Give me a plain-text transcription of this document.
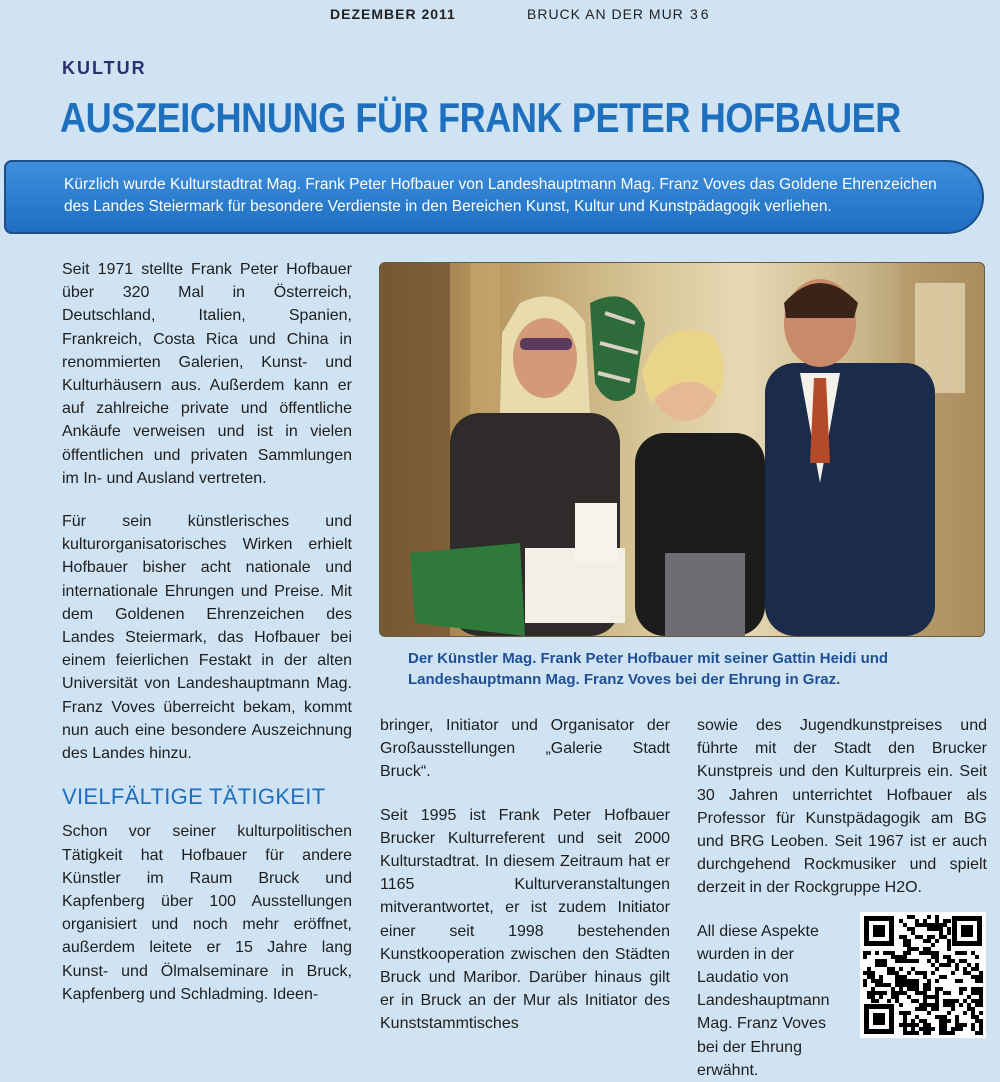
DEZEMBER 2011	BRUCK AN DER MUR 36
KULTUR
AUSZEICHNUNG FÜR FRANK PETER HOFBAUER
Kürzlich wurde Kulturstadtrat Mag. Frank Peter Hofbauer von Landeshauptmann Mag. Franz Voves das Goldene Ehrenzeichen des Landes Steiermark für besondere Verdienste in den Bereichen Kunst, Kultur und Kunstpädagogik verliehen.

Seit 1971 stellte Frank Peter Hofbauer über 320 Mal in Österreich, Deutschland, Italien, Spanien, Frankreich, Costa Rica und China in renommierten Galerien, Kunst- und Kulturhäusern aus. Außerdem kann er auf zahlreiche private und öffentliche Ankäufe verweisen und ist in vielen öffentlichen und privaten Sammlungen im In- und Ausland vertreten.

Für sein künstlerisches und kulturorganisatorisches Wirken erhielt Hofbauer bisher acht nationale und internationale Ehrungen und Preise. Mit dem Goldenen Ehrenzeichen des Landes Steiermark, das Hofbauer bei einem feierlichen Festakt in der alten Universität von Landeshauptmann Mag. Franz Voves überreicht bekam, kommt nun auch eine besondere Auszeichnung des Landes hinzu.

VIELFÄLTIGE TÄTIGKEIT

Schon vor seiner kulturpolitischen Tätigkeit hat Hofbauer für andere Künstler im Raum Bruck und Kapfenberg über 100 Ausstellungen organisiert und noch mehr eröffnet, außerdem leitete er 15 Jahre lang Kunst- und Ölmalseminare in Bruck, Kapfenberg und Schladming. Ideen-

Der Künstler Mag. Frank Peter Hofbauer mit seiner Gattin Heidi und Landeshauptmann Mag. Franz Voves bei der Ehrung in Graz.

bringer, Initiator und Organisator der Großausstellungen „Galerie Stadt Bruck“.

Seit 1995 ist Frank Peter Hofbauer Brucker Kulturreferent und seit 2000 Kulturstadtrat. In diesem Zeitraum hat er 1165 Kulturveranstaltungen mitverantwortet, er ist zudem Initiator einer seit 1998 bestehenden Kunstkooperation zwischen den Städten Bruck und Maribor. Darüber hinaus gilt er in Bruck an der Mur als Initiator des Kunststammtisches

sowie des Jugendkunstpreises und führte mit der Stadt den Brucker Kunstpreis und den Kulturpreis ein. Seit 30 Jahren unterrichtet Hofbauer als Professor für Kunstpädagogik am BG und BRG Leoben. Seit 1967 ist er auch durchgehend Rockmusiker und spielt derzeit in der Rockgruppe H2O.

All diese Aspekte wurden in der Laudatio von Landeshauptmann Mag. Franz Voves bei der Ehrung erwähnt.
